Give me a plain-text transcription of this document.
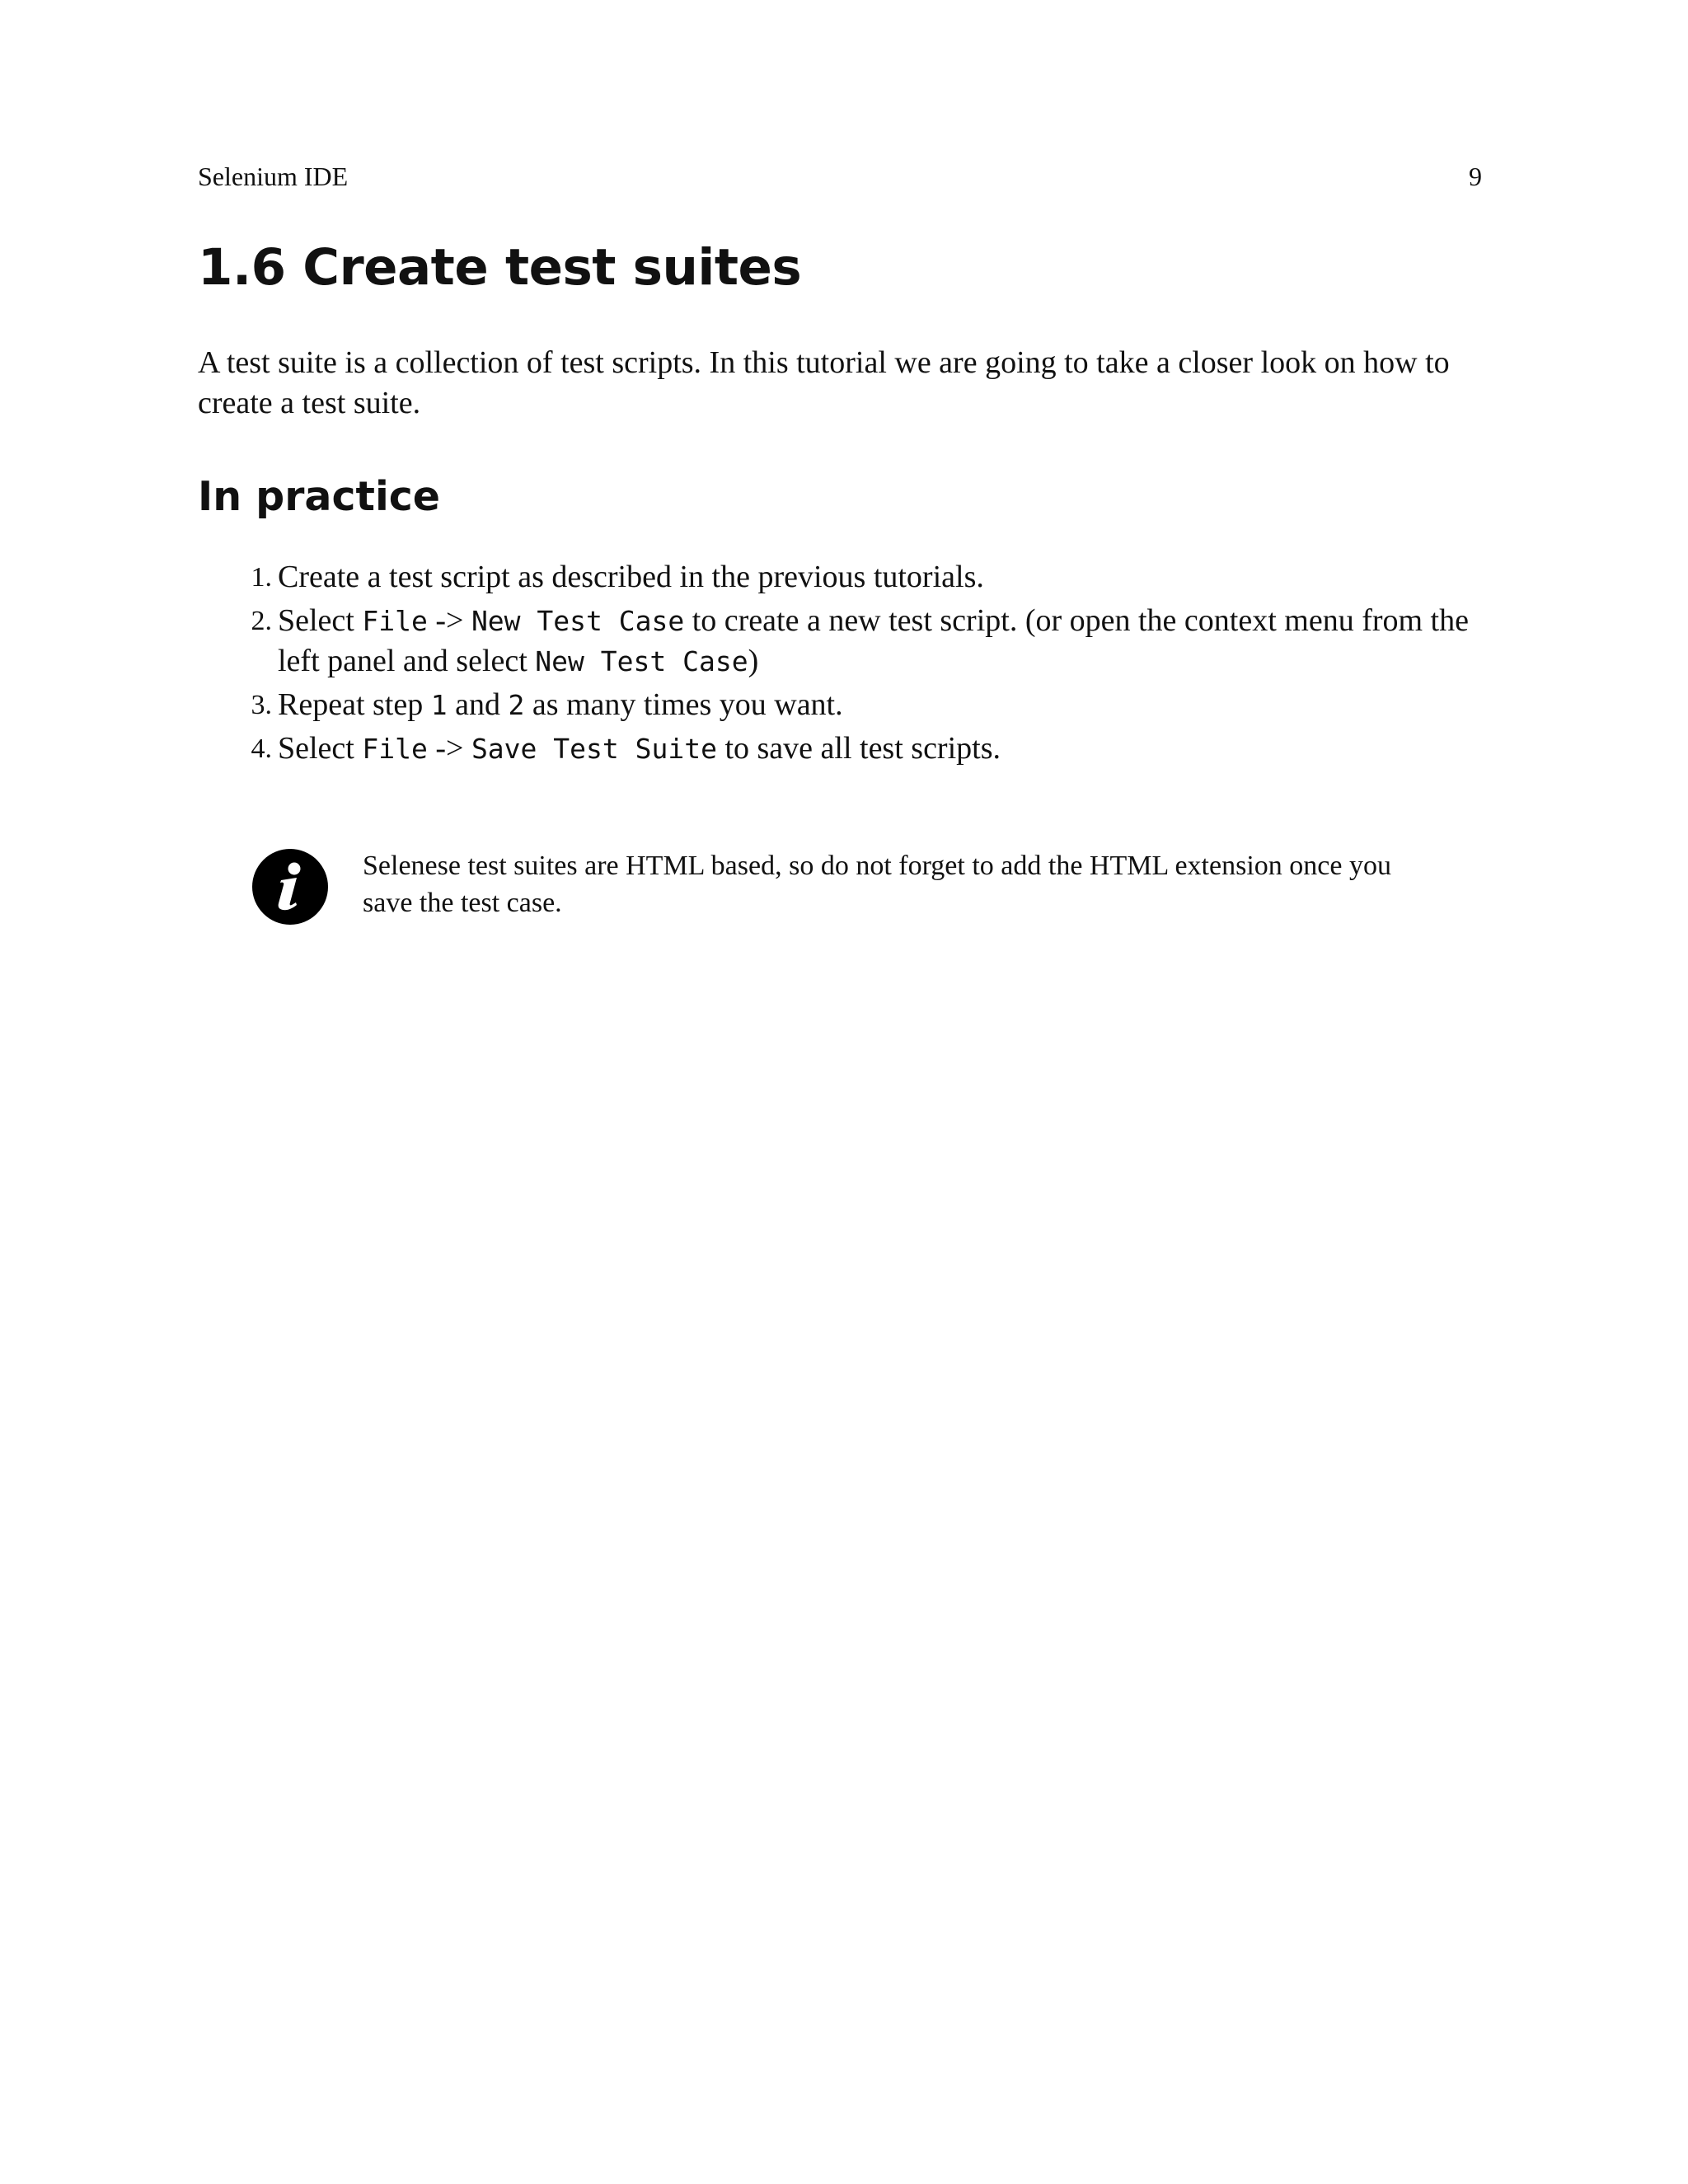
Selenium IDE	9
1.6 Create test suites

A test suite is a collection of test scripts. In this tutorial we are going to take a closer look on how to create a test suite.

In practice
1. Create a test script as described in the previous tutorials.
2. Select File -> New Test Case to create a new test script. (or open the context menu from the left panel and select New Test Case)
3. Repeat step 1 and 2 as many times you want.
4. Select File -> Save Test Suite to save all test scripts.

Selenese test suites are HTML based, so do not forget to add the HTML extension once you save the test case.
